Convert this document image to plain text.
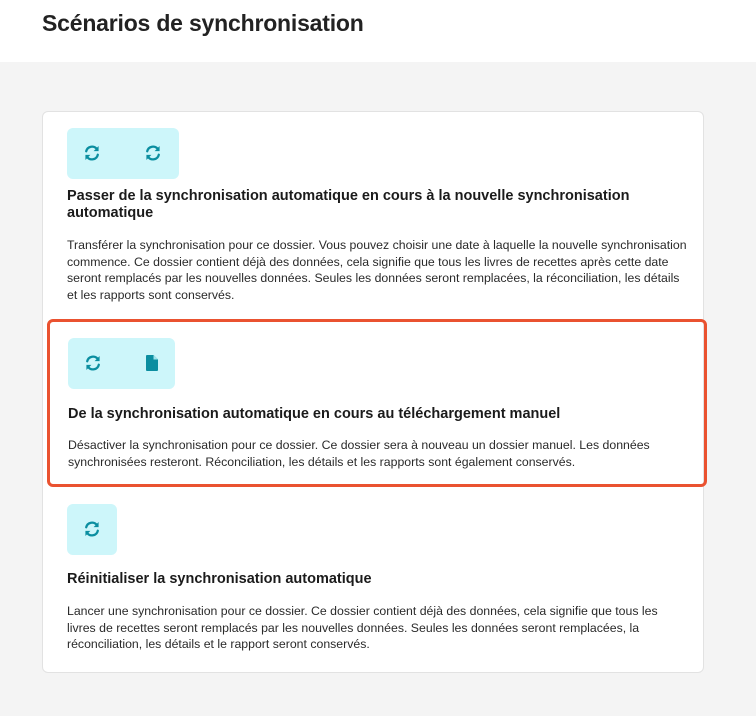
Scénarios de synchronisation
Passer de la synchronisation automatique en cours à la nouvelle synchronisation automatique

Transférer la synchronisation pour ce dossier. Vous pouvez choisir une date à laquelle la nouvelle synchronisation commence. Ce dossier contient déjà des données, cela signifie que tous les livres de recettes après cette date seront remplacés par les nouvelles données. Seules les données seront remplacées, la réconciliation, les détails et les rapports sont conservés.

De la synchronisation automatique en cours au téléchargement manuel

Désactiver la synchronisation pour ce dossier. Ce dossier sera à nouveau un dossier manuel. Les données synchronisées resteront. Réconciliation, les détails et les rapports sont également conservés.

Réinitialiser la synchronisation automatique

Lancer une synchronisation pour ce dossier. Ce dossier contient déjà des données, cela signifie que tous les livres de recettes seront remplacés par les nouvelles données. Seules les données seront remplacées, la réconciliation, les détails et le rapport seront conservés.
